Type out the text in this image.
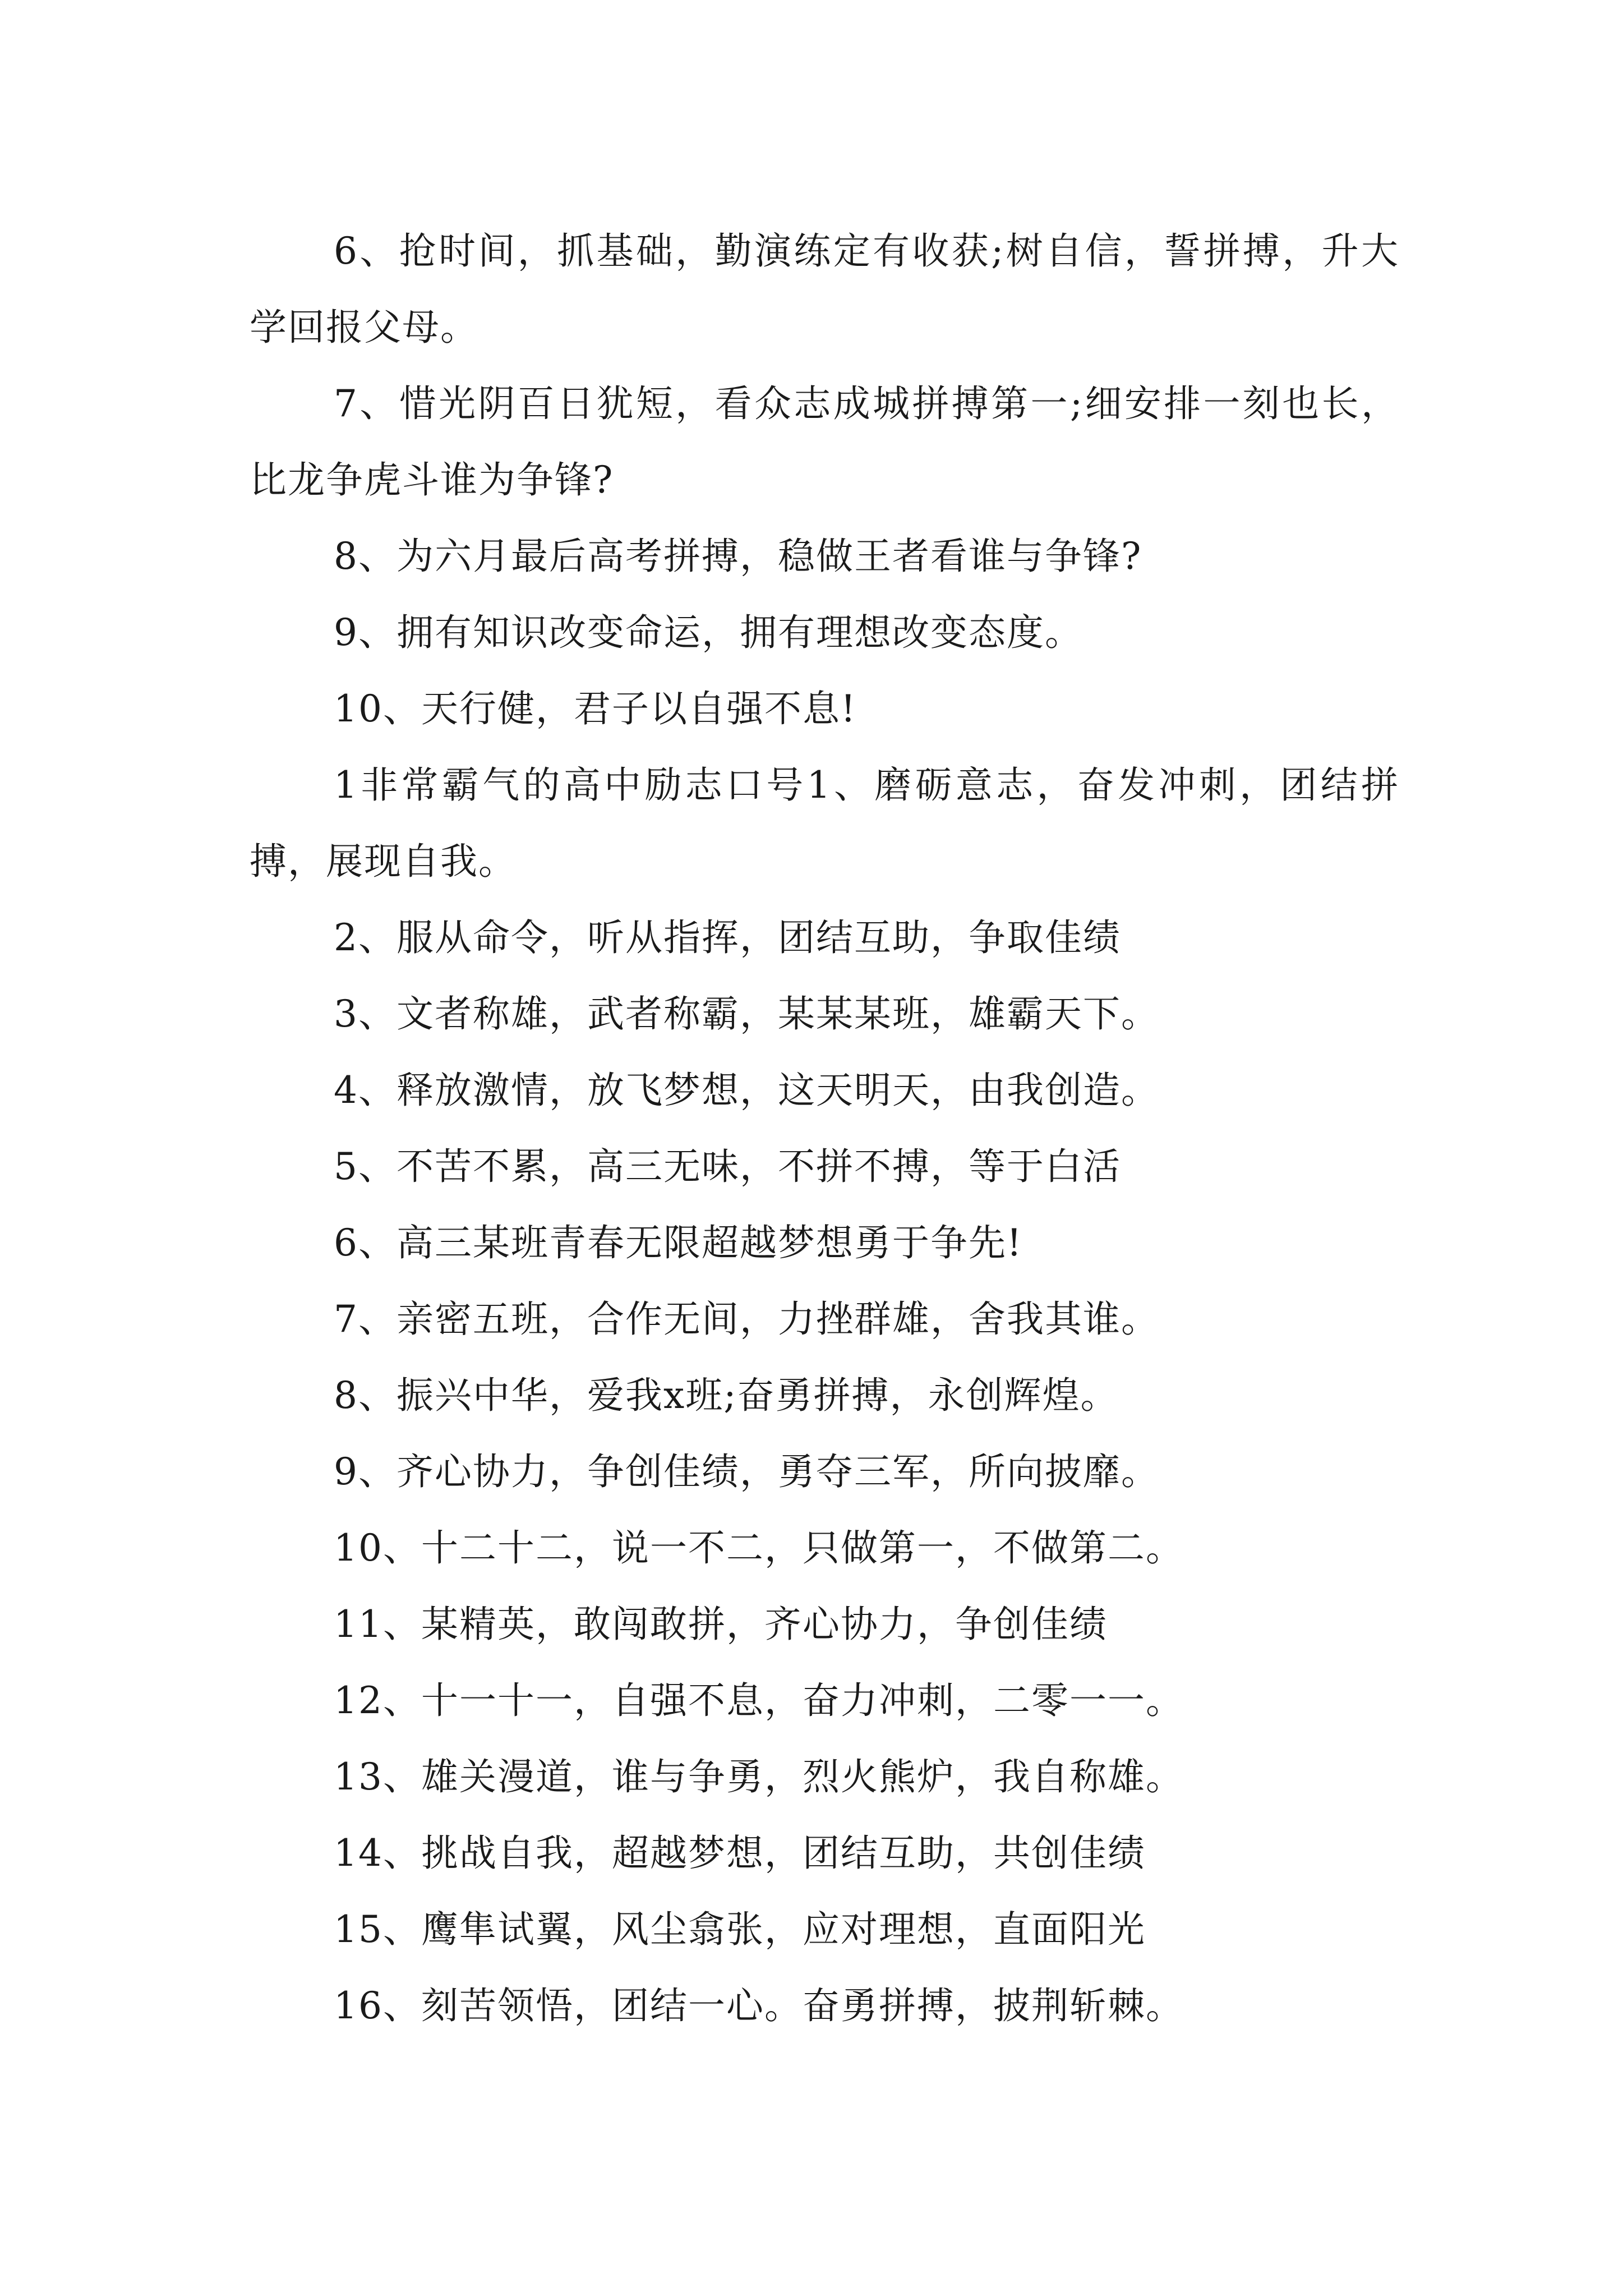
6、抢时间，抓基础，勤演练定有收获;树自信，誓拼搏，升大学回报父母。

7、惜光阴百日犹短，看众志成城拼搏第一;细安排一刻也长，比龙争虎斗谁为争锋?

8、为六月最后高考拼搏，稳做王者看谁与争锋?

9、拥有知识改变命运，拥有理想改变态度。

10、天行健，君子以自强不息!

1非常霸气的高中励志口号1、磨砺意志，奋发冲刺，团结拼搏，展现自我。

2、服从命令，听从指挥，团结互助，争取佳绩

3、文者称雄，武者称霸，某某某班，雄霸天下。

4、释放激情，放飞梦想，这天明天，由我创造。

5、不苦不累，高三无味，不拼不搏，等于白活

6、高三某班青春无限超越梦想勇于争先!

7、亲密五班，合作无间，力挫群雄，舍我其谁。

8、振兴中华，爱我x班;奋勇拼搏，永创辉煌。

9、齐心协力，争创佳绩，勇夺三军，所向披靡。

10、十二十二，说一不二，只做第一，不做第二。

11、某精英，敢闯敢拼，齐心协力，争创佳绩

12、十一十一，自强不息，奋力冲刺，二零一一。

13、雄关漫道，谁与争勇，烈火熊炉，我自称雄。

14、挑战自我，超越梦想，团结互助，共创佳绩

15、鹰隼试翼，风尘翕张，应对理想，直面阳光

16、刻苦领悟，团结一心。奋勇拼搏，披荆斩棘。
